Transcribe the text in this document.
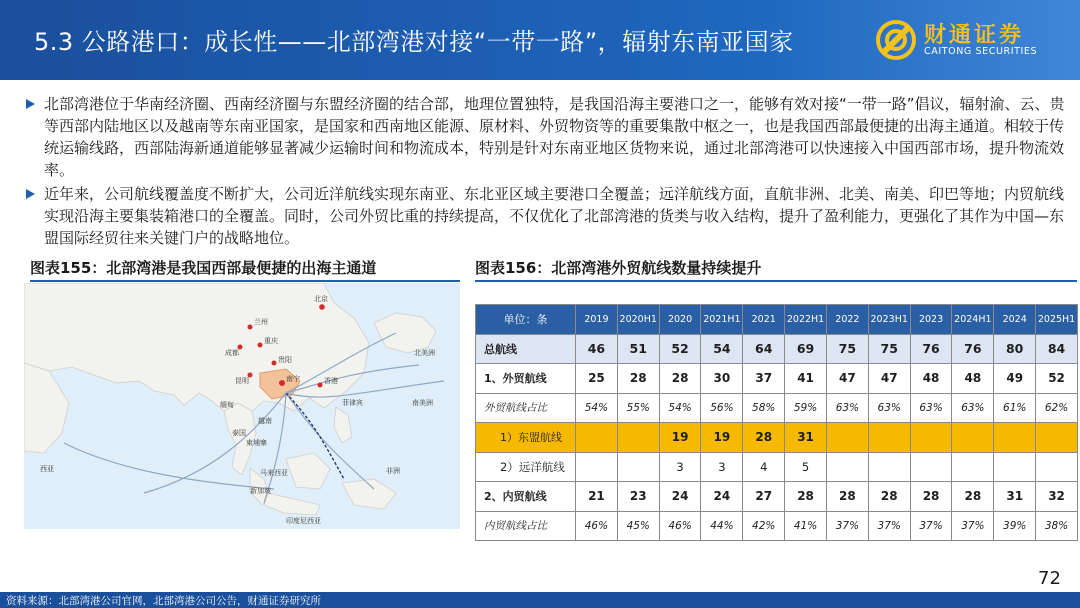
5.3 公路港口：成长性——北部湾港对接“一带一路”，辐射东南亚国家	财通证券
CAITONG SECURITIES
北部湾港位于华南经济圈、西南经济圈与东盟经济圈的结合部，地理位置独特，是我国沿海主要港口之一，能够有效对接“一带一路”倡议，辐射渝、云、贵等西部内陆地区以及越南等东南亚国家，是国家和西南地区能源、原材料、外贸物资等的重要集散中枢之一，也是我国西部最便捷的出海主通道。相较于传统运输线路，西部陆海新通道能够显著减少运输时间和物流成本，特别是针对东南亚地区货物来说，通过北部湾港可以快速接入中国西部市场，提升物流效率。
近年来，公司航线覆盖度不断扩大，公司近洋航线实现东南亚、东北亚区域主要港口全覆盖；远洋航线方面，直航非洲、北美、南美、印巴等地；内贸航线实现沿海主要集装箱港口的全覆盖。同时，公司外贸比重的持续提高，不仅优化了北部湾港的货类与收入结构，提升了盈利能力，更强化了其作为中国—东盟国际经贸往来关键门户的战略地位。
图表155：北部湾港是我国西部最便捷的出海主通道	图表156：北部湾港外贸航线数量持续提升
北京
兰州
成都
重庆
贵阳
昆明	南宁	香港
越南
泰国
缅甸
柬埔寨
菲律宾
马来西亚
新加坡
印度尼西亚
南美洲
北美洲
非洲
西亚
单位：条	2019	2020H1	2020	2021H1	2021	2022H1	2022	2023H1	2023	2024H1	2024	2025H1
总航线	46	51	52	54	64	69	75	75	76	76	80	84
1、外贸航线	25	28	28	30	37	41	47	47	48	48	49	52
外贸航线占比	54%	55%	54%	56%	58%	59%	63%	63%	63%	63%	61%	62%
1）东盟航线			19	19	28	31						
2）远洋航线			3	3	4	5						
2、内贸航线	21	23	24	24	27	28	28	28	28	28	31	32
内贸航线占比	46%	45%	46%	44%	42%	41%	37%	37%	37%	37%	39%	38%
72
资料来源：北部湾港公司官网，北部湾港公司公告，财通证券研究所
